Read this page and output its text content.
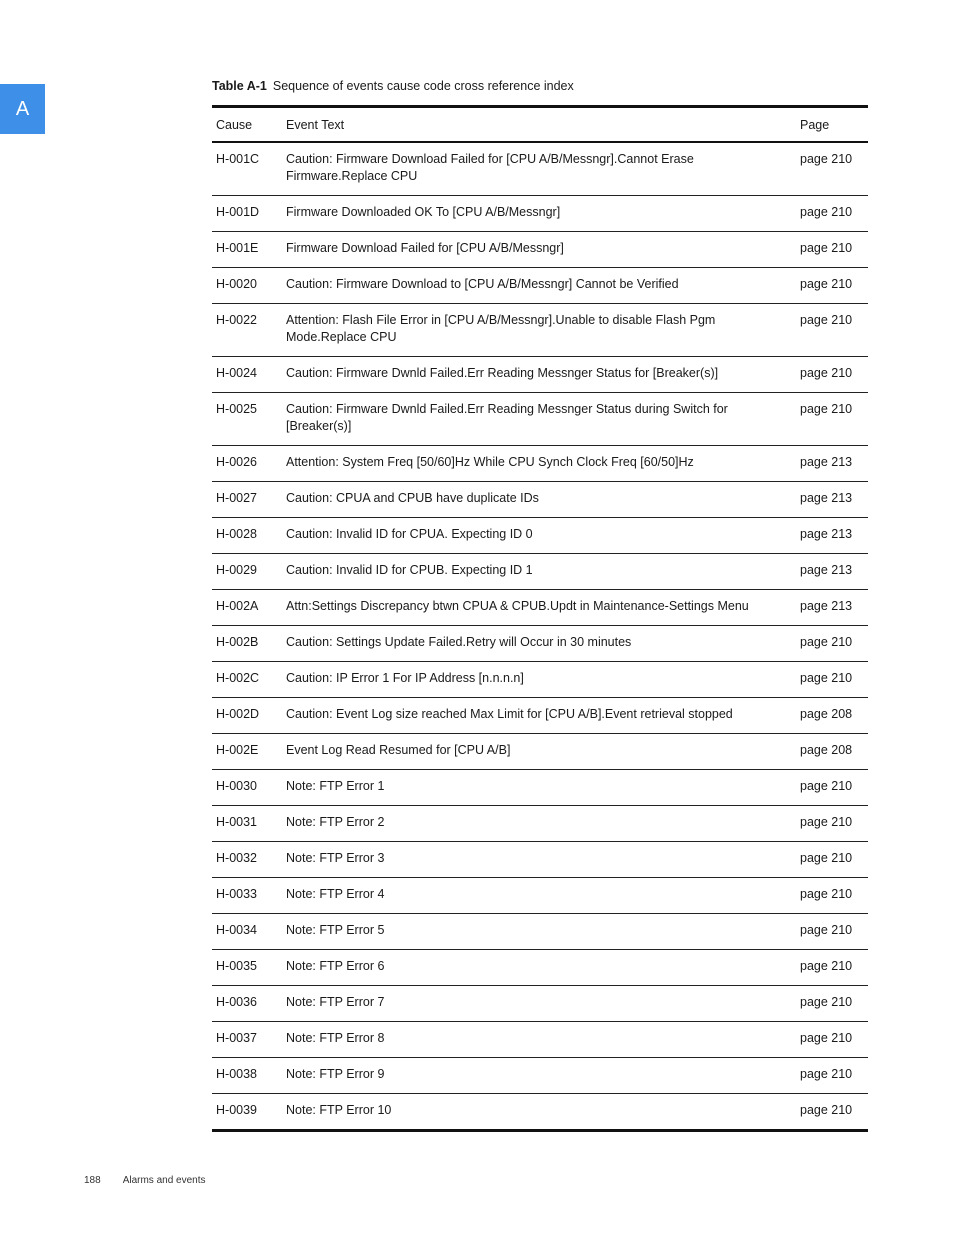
A
Table A-1 Sequence of events cause code cross reference index
Cause	Event Text	Page
H-001C	Caution: Firmware Download Failed for [CPU A/B/Messngr].Cannot Erase Firmware.Replace CPU	page 210
H-001D	Firmware Downloaded OK To [CPU A/B/Messngr]	page 210
H-001E	Firmware Download Failed for [CPU A/B/Messngr]	page 210
H-0020	Caution: Firmware Download to [CPU A/B/Messngr] Cannot be Verified	page 210
H-0022	Attention: Flash File Error in [CPU A/B/Messngr].Unable to disable Flash Pgm Mode.Replace CPU	page 210
H-0024	Caution: Firmware Dwnld Failed.Err Reading Messnger Status for [Breaker(s)]	page 210
H-0025	Caution: Firmware Dwnld Failed.Err Reading Messnger Status during Switch for [Breaker(s)]	page 210
H-0026	Attention: System Freq [50/60]Hz While CPU Synch Clock Freq [60/50]Hz	page 213
H-0027	Caution: CPUA and CPUB have duplicate IDs	page 213
H-0028	Caution: Invalid ID for CPUA. Expecting ID 0	page 213
H-0029	Caution: Invalid ID for CPUB. Expecting ID 1	page 213
H-002A	Attn:Settings Discrepancy btwn CPUA & CPUB.Updt in Maintenance-Settings Menu	page 213
H-002B	Caution: Settings Update Failed.Retry will Occur in 30 minutes	page 210
H-002C	Caution: IP Error 1 For IP Address [n.n.n.n]	page 210
H-002D	Caution: Event Log size reached Max Limit for [CPU A/B].Event retrieval stopped	page 208
H-002E	Event Log Read Resumed for [CPU A/B]	page 208
H-0030	Note: FTP Error 1	page 210
H-0031	Note: FTP Error 2	page 210
H-0032	Note: FTP Error 3	page 210
H-0033	Note: FTP Error 4	page 210
H-0034	Note: FTP Error 5	page 210
H-0035	Note: FTP Error 6	page 210
H-0036	Note: FTP Error 7	page 210
H-0037	Note: FTP Error 8	page 210
H-0038	Note: FTP Error 9	page 210
H-0039	Note: FTP Error 10	page 210
188 Alarms and events
